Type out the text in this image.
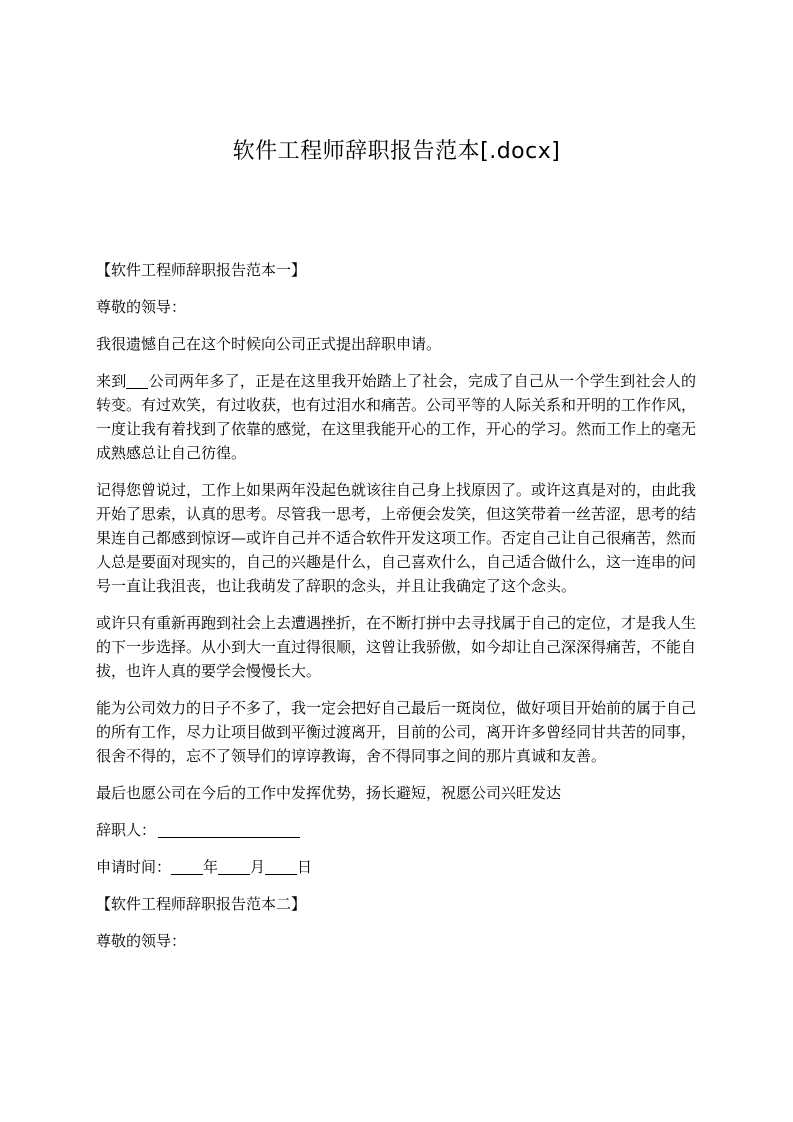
软件工程师辞职报告范本[.docx]

【软件工程师辞职报告范本一】

尊敬的领导：

我很遗憾自己在这个时候向公司正式提出辞职申请。

来到 公司两年多了，正是在这里我开始踏上了社会，完成了自己从一个学生到社会人的转变。有过欢笑，有过收获，也有过泪水和痛苦。公司平等的人际关系和开明的工作作风，一度让我有着找到了依靠的感觉，在这里我能开心的工作，开心的学习。然而工作上的毫无成熟感总让自己彷徨。

记得您曾说过，工作上如果两年没起色就该往自己身上找原因了。或许这真是对的，由此我开始了思索，认真的思考。尽管我一思考，上帝便会发笑，但这笑带着一丝苦涩，思考的结果连自己都感到惊讶—或许自己并不适合软件开发这项工作。否定自己让自己很痛苦，然而人总是要面对现实的，自己的兴趣是什么，自己喜欢什么，自己适合做什么，这一连串的问号一直让我沮丧，也让我萌发了辞职的念头，并且让我确定了这个念头。

或许只有重新再跑到社会上去遭遇挫折，在不断打拼中去寻找属于自己的定位，才是我人生的下一步选择。从小到大一直过得很顺，这曾让我骄傲，如今却让自己深深得痛苦，不能自拔，也许人真的要学会慢慢长大。

能为公司效力的日子不多了，我一定会把好自己最后一斑岗位，做好项目开始前的属于自己的所有工作，尽力让项目做到平衡过渡离开，目前的公司，离开许多曾经同甘共苦的同事，很舍不得的，忘不了领导们的谆谆教诲，舍不得同事之间的那片真诚和友善。

最后也愿公司在今后的工作中发挥优势，扬长避短，祝愿公司兴旺发达

辞职人：

申请时间： 年 月 日

【软件工程师辞职报告范本二】

尊敬的领导：
